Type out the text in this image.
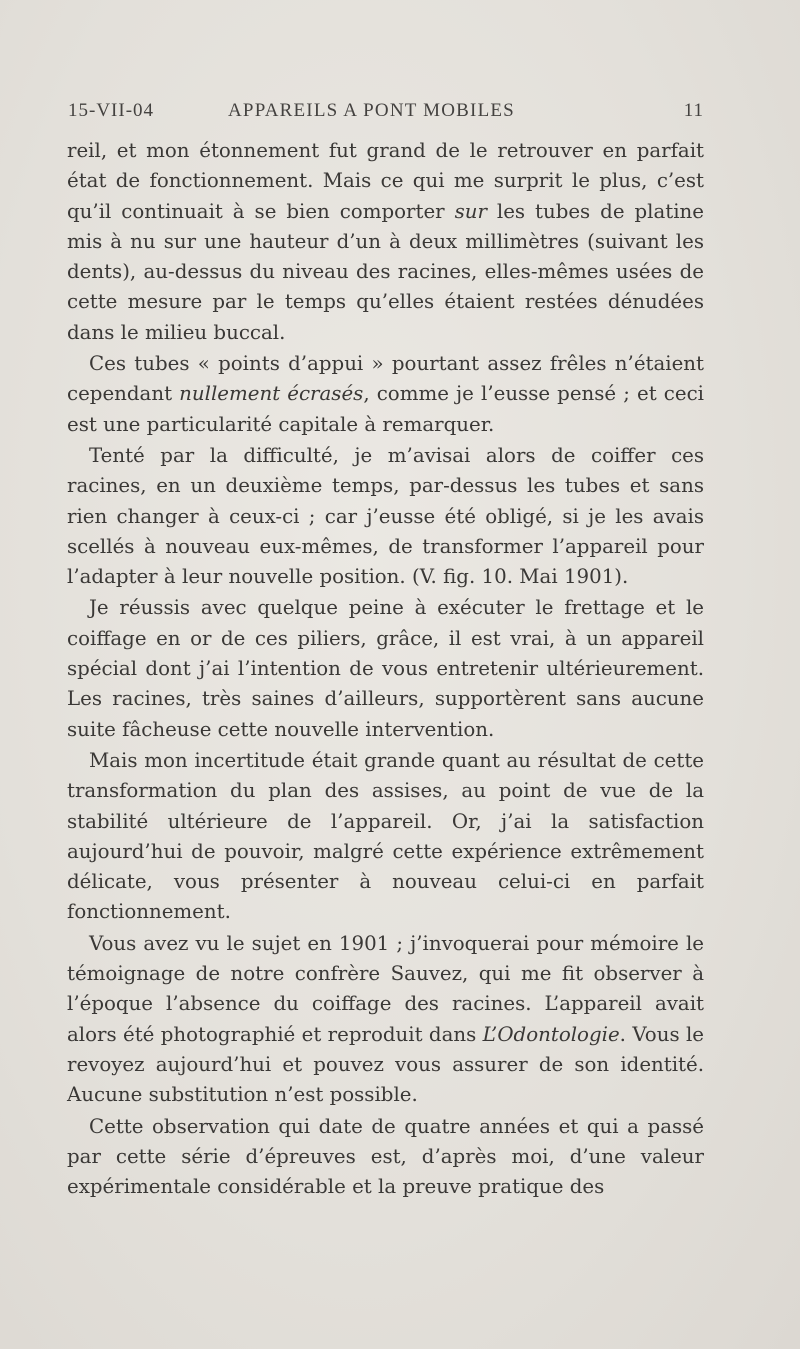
15-VII-04	APPAREILS A PONT MOBILES	11

reil, et mon étonnement fut grand de le retrouver en parfait état de fonctionnement. Mais ce qui me surprit le plus, c’est qu’il continuait à se bien comporter sur les tubes de platine mis à nu sur une hauteur d’un à deux millimètres (suivant les dents), au-dessus du niveau des racines, elles-mêmes usées de cette mesure par le temps qu’elles étaient restées dénudées dans le milieu buccal.

Ces tubes « points d’appui » pourtant assez frêles n’étaient cependant nullement écrasés, comme je l’eusse pensé ; et ceci est une particularité capitale à remarquer.

Tenté par la difficulté, je m’avisai alors de coiffer ces racines, en un deuxième temps, par-dessus les tubes et sans rien changer à ceux-ci ; car j’eusse été obligé, si je les avais scellés à nouveau eux-mêmes, de transformer l’appareil pour l’adapter à leur nouvelle position. (V. fig. 10. Mai 1901).

Je réussis avec quelque peine à exécuter le frettage et le coiffage en or de ces piliers, grâce, il est vrai, à un appareil spécial dont j’ai l’intention de vous entretenir ultérieurement. Les racines, très saines d’ailleurs, supportèrent sans aucune suite fâcheuse cette nouvelle intervention.

Mais mon incertitude était grande quant au résultat de cette transformation du plan des assises, au point de vue de la stabilité ultérieure de l’appareil. Or, j’ai la satisfaction aujourd’hui de pouvoir, malgré cette expérience extrêmement délicate, vous présenter à nouveau celui-ci en parfait fonctionnement.

Vous avez vu le sujet en 1901 ; j’invoquerai pour mémoire le témoignage de notre confrère Sauvez, qui me fit observer à l’époque l’absence du coiffage des racines. L’appareil avait alors été photographié et reproduit dans L’Odontologie. Vous le revoyez aujourd’hui et pouvez vous assurer de son identité. Aucune substitution n’est possible.

Cette observation qui date de quatre années et qui a passé par cette série d’épreuves est, d’après moi, d’une valeur expérimentale considérable et la preuve pratique des
